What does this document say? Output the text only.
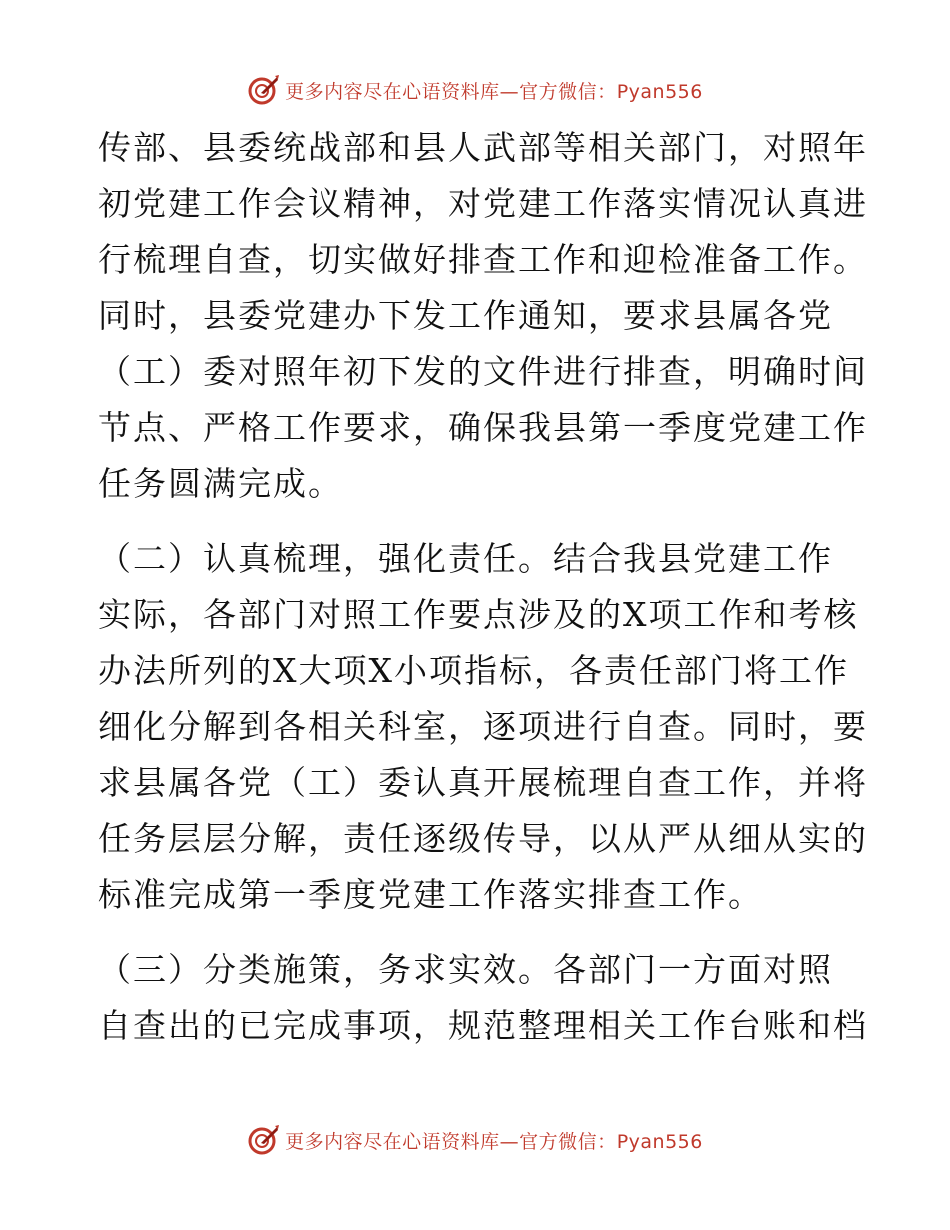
更多内容尽在心语资料库—官方微信：Pyan556

传部、县委统战部和县人武部等相关部门，对照年
初党建工作会议精神，对党建工作落实情况认真进
行梳理自查，切实做好排查工作和迎检准备工作。
同时，县委党建办下发工作通知，要求县属各党
（工）委对照年初下发的文件进行排查，明确时间
节点、严格工作要求，确保我县第一季度党建工作
任务圆满完成。

（二）认真梳理，强化责任。结合我县党建工作
实际，各部门对照工作要点涉及的X项工作和考核
办法所列的X大项X小项指标，各责任部门将工作
细化分解到各相关科室，逐项进行自查。同时，要
求县属各党（工）委认真开展梳理自查工作，并将
任务层层分解，责任逐级传导，以从严从细从实的
标准完成第一季度党建工作落实排查工作。

（三）分类施策，务求实效。各部门一方面对照
自查出的已完成事项，规范整理相关工作台账和档

更多内容尽在心语资料库—官方微信：Pyan556
